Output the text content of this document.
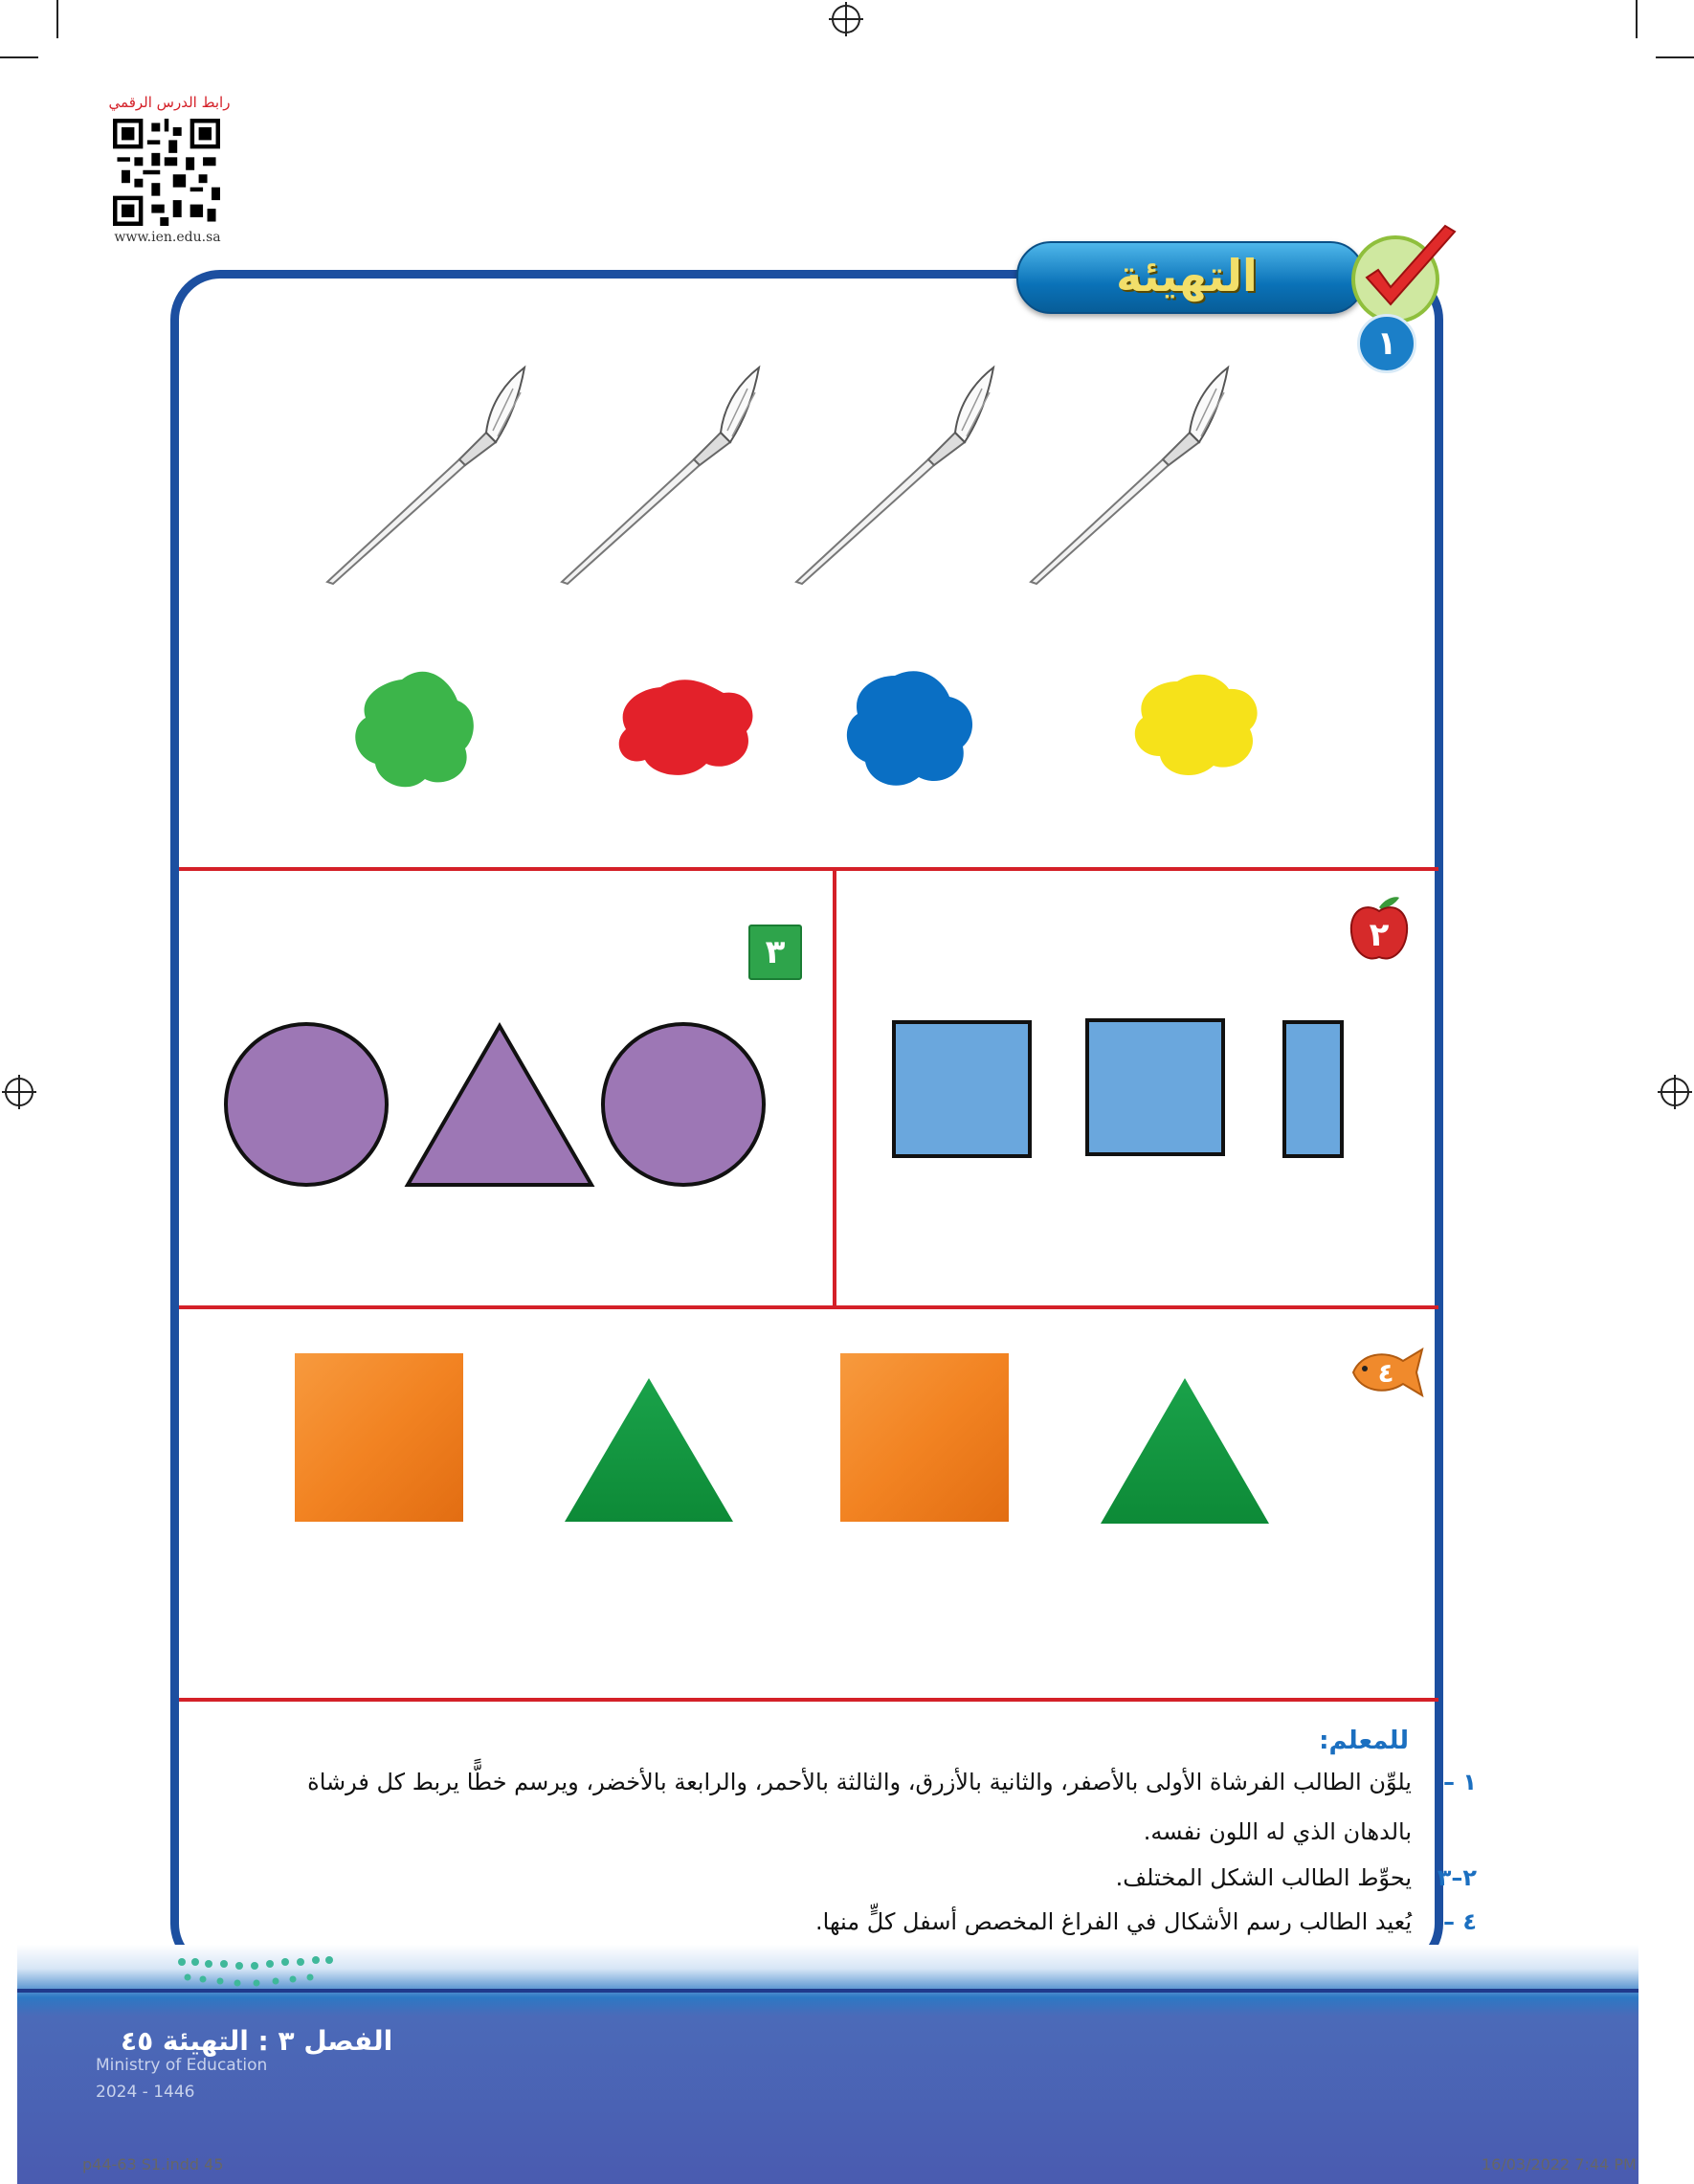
رابط الدرس الرقمي
www.ien.edu.sa
التهيئة
١
٢
٣
٤
للمعلم:
١ –
يلوِّن الطالب الفرشاة الأولى بالأصفر، والثانية بالأزرق، والثالثة بالأحمر، والرابعة بالأخضر، ويرسم خطًّا يربط كل فرشاة
بالدهان الذي له اللون نفسه.
٢–٣
يحوِّط الطالب الشكل المختلف.
٤ –
يُعيد الطالب رسم الأشكال في الفراغ المخصص أسفل كلٍّ منها.
الفصل ٣ : التهيئة ٤٥
Ministry of Education
2024 - 1446
p44-63 S1.indd 45	16/03/2022 7:44 PM
